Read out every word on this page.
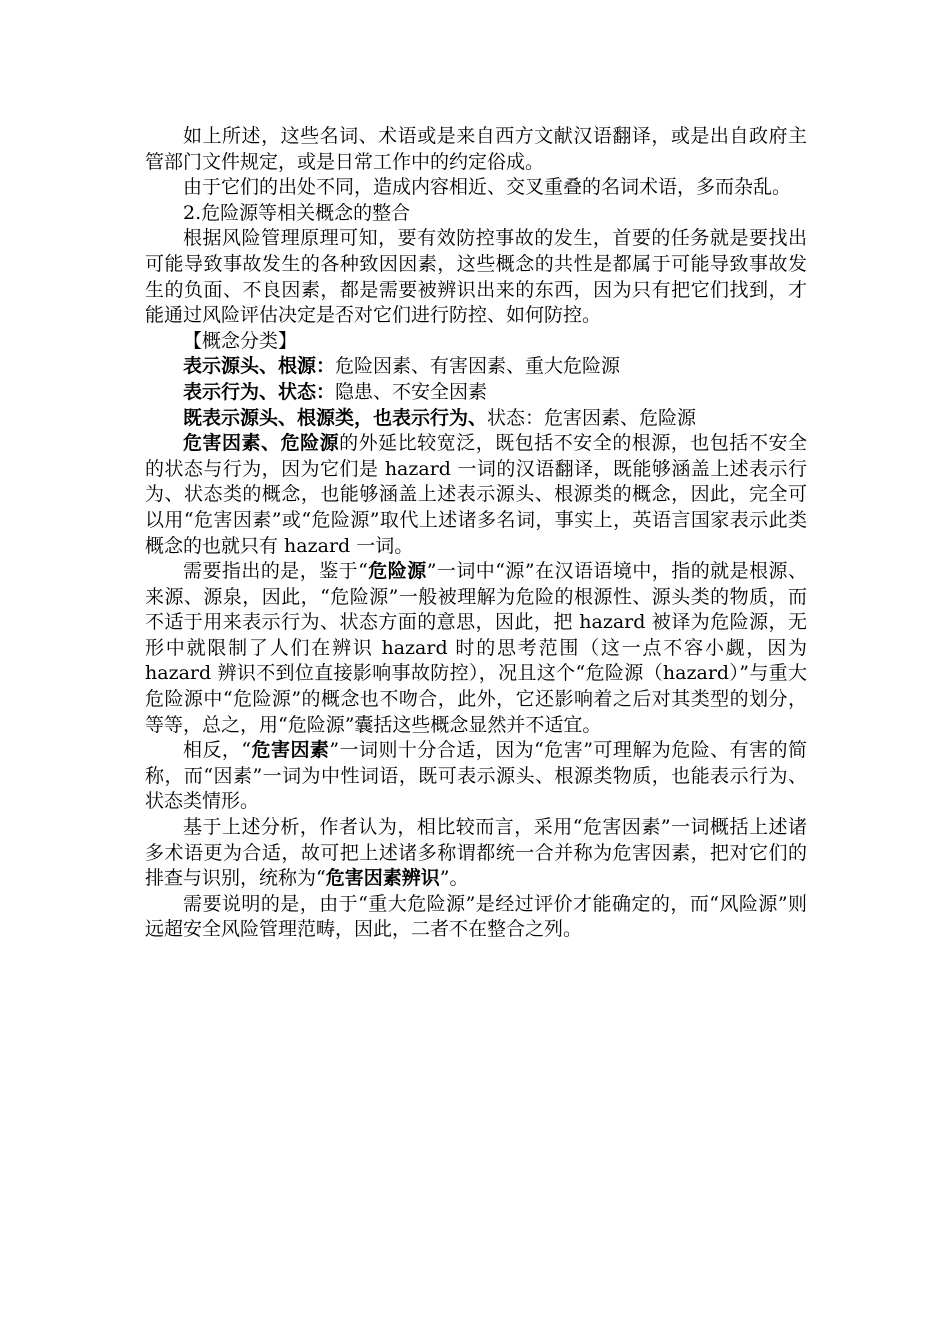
如上所述，这些名词、术语或是来自西方文献汉语翻译，或是出自政府主管部门文件规定，或是日常工作中的约定俗成。

由于它们的出处不同，造成内容相近、交叉重叠的名词术语，多而杂乱。

2.危险源等相关概念的整合

根据风险管理原理可知，要有效防控事故的发生，首要的任务就是要找出可能导致事故发生的各种致因因素，这些概念的共性是都属于可能导致事故发生的负面、不良因素，都是需要被辨识出来的东西，因为只有把它们找到，才能通过风险评估决定是否对它们进行防控、如何防控。

【概念分类】

表示源头、根源：危险因素、有害因素、重大危险源

表示行为、状态：隐患、不安全因素

既表示源头、根源类，也表示行为、状态：危害因素、危险源

危害因素、危险源的外延比较宽泛，既包括不安全的根源，也包括不安全的状态与行为，因为它们是 hazard 一词的汉语翻译，既能够涵盖上述表示行为、状态类的概念，也能够涵盖上述表示源头、根源类的概念，因此，完全可以用“危害因素”或“危险源”取代上述诸多名词，事实上，英语言国家表示此类概念的也就只有 hazard 一词。

需要指出的是，鉴于“危险源”一词中“源”在汉语语境中，指的就是根源、来源、源泉，因此，“危险源”一般被理解为危险的根源性、源头类的物质，而不适于用来表示行为、状态方面的意思，因此，把 hazard 被译为危险源，无形中就限制了人们在辨识 hazard 时的思考范围（这一点不容小觑，因为 hazard 辨识不到位直接影响事故防控），况且这个“危险源（hazard）”与重大危险源中“危险源”的概念也不吻合，此外，它还影响着之后对其类型的划分，等等，总之，用“危险源”囊括这些概念显然并不适宜。

相反，“危害因素”一词则十分合适，因为“危害”可理解为危险、有害的简称，而“因素”一词为中性词语，既可表示源头、根源类物质，也能表示行为、状态类情形。

基于上述分析，作者认为，相比较而言，采用“危害因素”一词概括上述诸多术语更为合适，故可把上述诸多称谓都统一合并称为危害因素，把对它们的排查与识别，统称为“危害因素辨识”。

需要说明的是，由于“重大危险源”是经过评价才能确定的，而“风险源”则远超安全风险管理范畴，因此，二者不在整合之列。
